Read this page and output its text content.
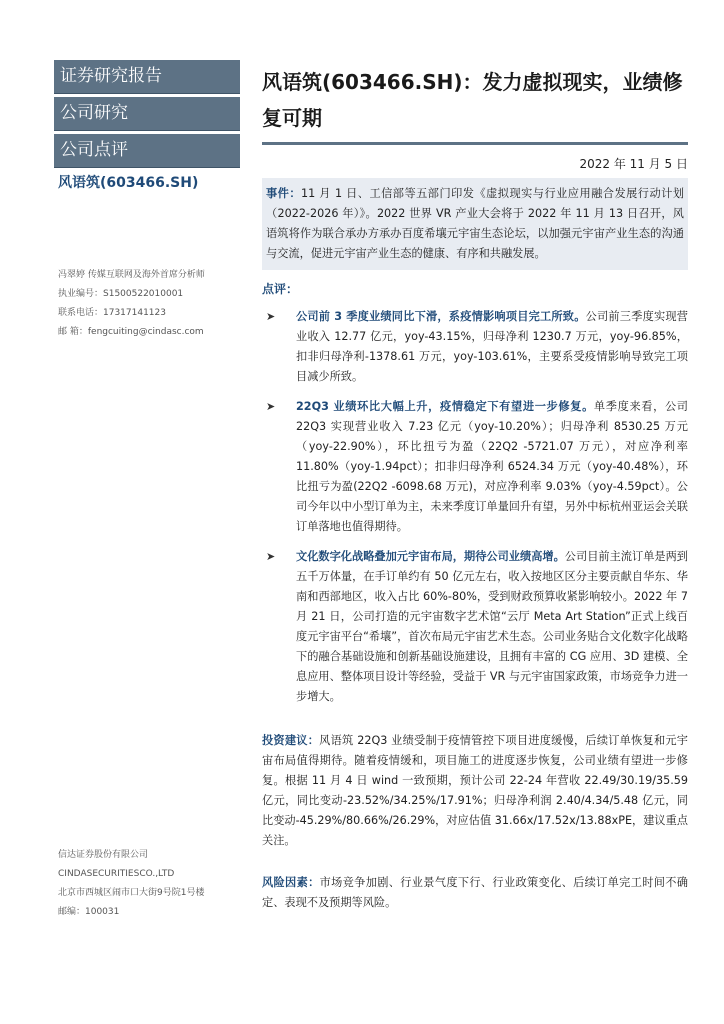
证券研究报告
公司研究
公司点评
风语筑(603466.SH)
冯翠婷 传媒互联网及海外首席分析师
执业编号：S1500522010001
联系电话：17317141123
邮 箱：fengcuiting@cindasc.com
信达证券股份有限公司
CINDASECURITIESCO.,LTD
北京市西城区闹市口大街9号院1号楼
邮编：100031
风语筑(603466.SH)：发力虚拟现实，业绩修复可期
2022 年 11 月 5 日
事件：11 月 1 日、工信部等五部门印发《虚拟现实与行业应用融合发展行动计划（2022-2026 年）》。2022 世界 VR 产业大会将于 2022 年 11 月 13 日召开，风语筑将作为联合承办方承办百度希壤元宇宙生态论坛，以加强元宇宙产业生态的沟通与交流，促进元宇宙产业生态的健康、有序和共融发展。
点评：
➤	公司前 3 季度业绩同比下滑，系疫情影响项目完工所致。公司前三季度实现营业收入 12.77 亿元，yoy-43.15%，归母净利 1230.7 万元，yoy-96.85%，扣非归母净利-1378.61 万元，yoy-103.61%，主要系受疫情影响导致完工项目减少所致。
➤	22Q3 业绩环比大幅上升，疫情稳定下有望进一步修复。单季度来看，公司 22Q3 实现营业收入 7.23 亿元（yoy-10.20%）；归母净利 8530.25 万元（yoy-22.90%），环比扭亏为盈（22Q2 -5721.07 万元），对应净利率 11.80%（yoy-1.94pct）；扣非归母净利 6524.34 万元（yoy-40.48%），环比扭亏为盈(22Q2 -6098.68 万元)，对应净利率 9.03%（yoy-4.59pct）。公司今年以中小型订单为主，未来季度订单量回升有望，另外中标杭州亚运会关联订单落地也值得期待。
➤	文化数字化战略叠加元宇宙布局，期待公司业绩高增。公司目前主流订单是两到五千万体量，在手订单约有 50 亿元左右，收入按地区区分主要贡献自华东、华南和西部地区，收入占比 60%-80%，受到财政预算收紧影响较小。2022 年 7 月 21 日，公司打造的元宇宙数字艺术馆“云厅 Meta Art Station”正式上线百度元宇宙平台“希壤”，首次布局元宇宙艺术生态。公司业务贴合文化数字化战略下的融合基础设施和创新基础设施建设，且拥有丰富的 CG 应用、3D 建模、全息应用、整体项目设计等经验，受益于 VR 与元宇宙国家政策，市场竞争力进一步增大。
投资建议：风语筑 22Q3 业绩受制于疫情管控下项目进度缓慢，后续订单恢复和元宇宙布局值得期待。随着疫情缓和，项目施工的进度逐步恢复，公司业绩有望进一步修复。根据 11 月 4 日 wind 一致预期，预计公司 22-24 年营收 22.49/30.19/35.59 亿元，同比变动-23.52%/34.25%/17.91%；归母净利润 2.40/4.34/5.48 亿元，同比变动-45.29%/80.66%/26.29%，对应估值 31.66x/17.52x/13.88xPE，建议重点关注。
风险因素：市场竞争加剧、行业景气度下行、行业政策变化、后续订单完工时间不确定、表现不及预期等风险。
